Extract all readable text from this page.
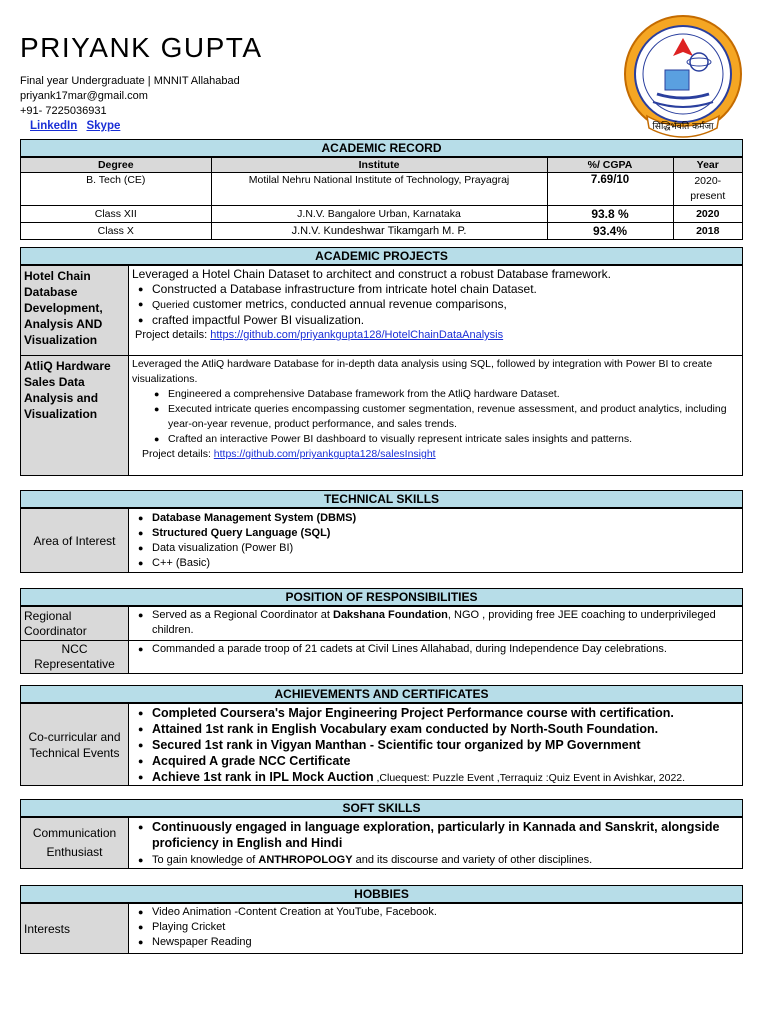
PRIYANK GUPTA
Final year Undergraduate | MNNIT Allahabad
priyank17mar@gmail.com
+91- 7225036931
LinkedIn Skype	सिद्धिर्भवति कर्मजा
ACADEMIC RECORD
Degree	Institute	%/ CGPA	Year
B. Tech (CE)	Motilal Nehru National Institute of Technology, Prayagraj	7.69/10	2020-present
Class XII	J.N.V. Bangalore Urban, Karnataka	93.8 %	2020
Class X	J.N.V. Kundeshwar Tikamgarh M. P.	93.4%	2018
ACADEMIC PROJECTS
Hotel Chain Database Development, Analysis AND Visualization
Leveraged a Hotel Chain Dataset to architect and construct a robust Database framework.
● Constructed a Database infrastructure from intricate hotel chain Dataset.
● Queried customer metrics, conducted annual revenue comparisons,
● crafted impactful Power BI visualization.
Project details: https://github.com/priyankgupta128/HotelChainDataAnalysis
AtliQ Hardware Sales Data Analysis and Visualization
Leveraged the AtliQ hardware Database for in-depth data analysis using SQL, followed by integration with Power BI to create visualizations.
● Engineered a comprehensive Database framework from the AtliQ hardware Dataset.
● Executed intricate queries encompassing customer segmentation, revenue assessment, and product analytics, including year-on-year revenue, product performance, and sales trends.
● Crafted an interactive Power BI dashboard to visually represent intricate sales insights and patterns.
Project details: https://github.com/priyankgupta128/salesInsight
TECHNICAL SKILLS
Area of Interest
● Database Management System (DBMS)
● Structured Query Language (SQL)
● Data visualization (Power BI)
● C++ (Basic)
POSITION OF RESPONSIBILITIES
Regional Coordinator
● Served as a Regional Coordinator at Dakshana Foundation, NGO , providing free JEE coaching to underprivileged children.
NCC Representative
● Commanded a parade troop of 21 cadets at Civil Lines Allahabad, during Independence Day celebrations.
ACHIEVEMENTS AND CERTIFICATES
Co-curricular and Technical Events
● Completed Coursera's Major Engineering Project Performance course with certification.
● Attained 1st rank in English Vocabulary exam conducted by North-South Foundation.
● Secured 1st rank in Vigyan Manthan - Scientific tour organized by MP Government
● Acquired A grade NCC Certificate
● Achieve 1st rank in IPL Mock Auction ,Cluequest: Puzzle Event ,Terraquiz :Quiz Event in Avishkar, 2022.
SOFT SKILLS
Communication Enthusiast
● Continuously engaged in language exploration, particularly in Kannada and Sanskrit, alongside proficiency in English and Hindi
● To gain knowledge of ANTHROPOLOGY and its discourse and variety of other disciplines.
HOBBIES
Interests
● Video Animation -Content Creation at YouTube, Facebook.
● Playing Cricket
● Newspaper Reading
